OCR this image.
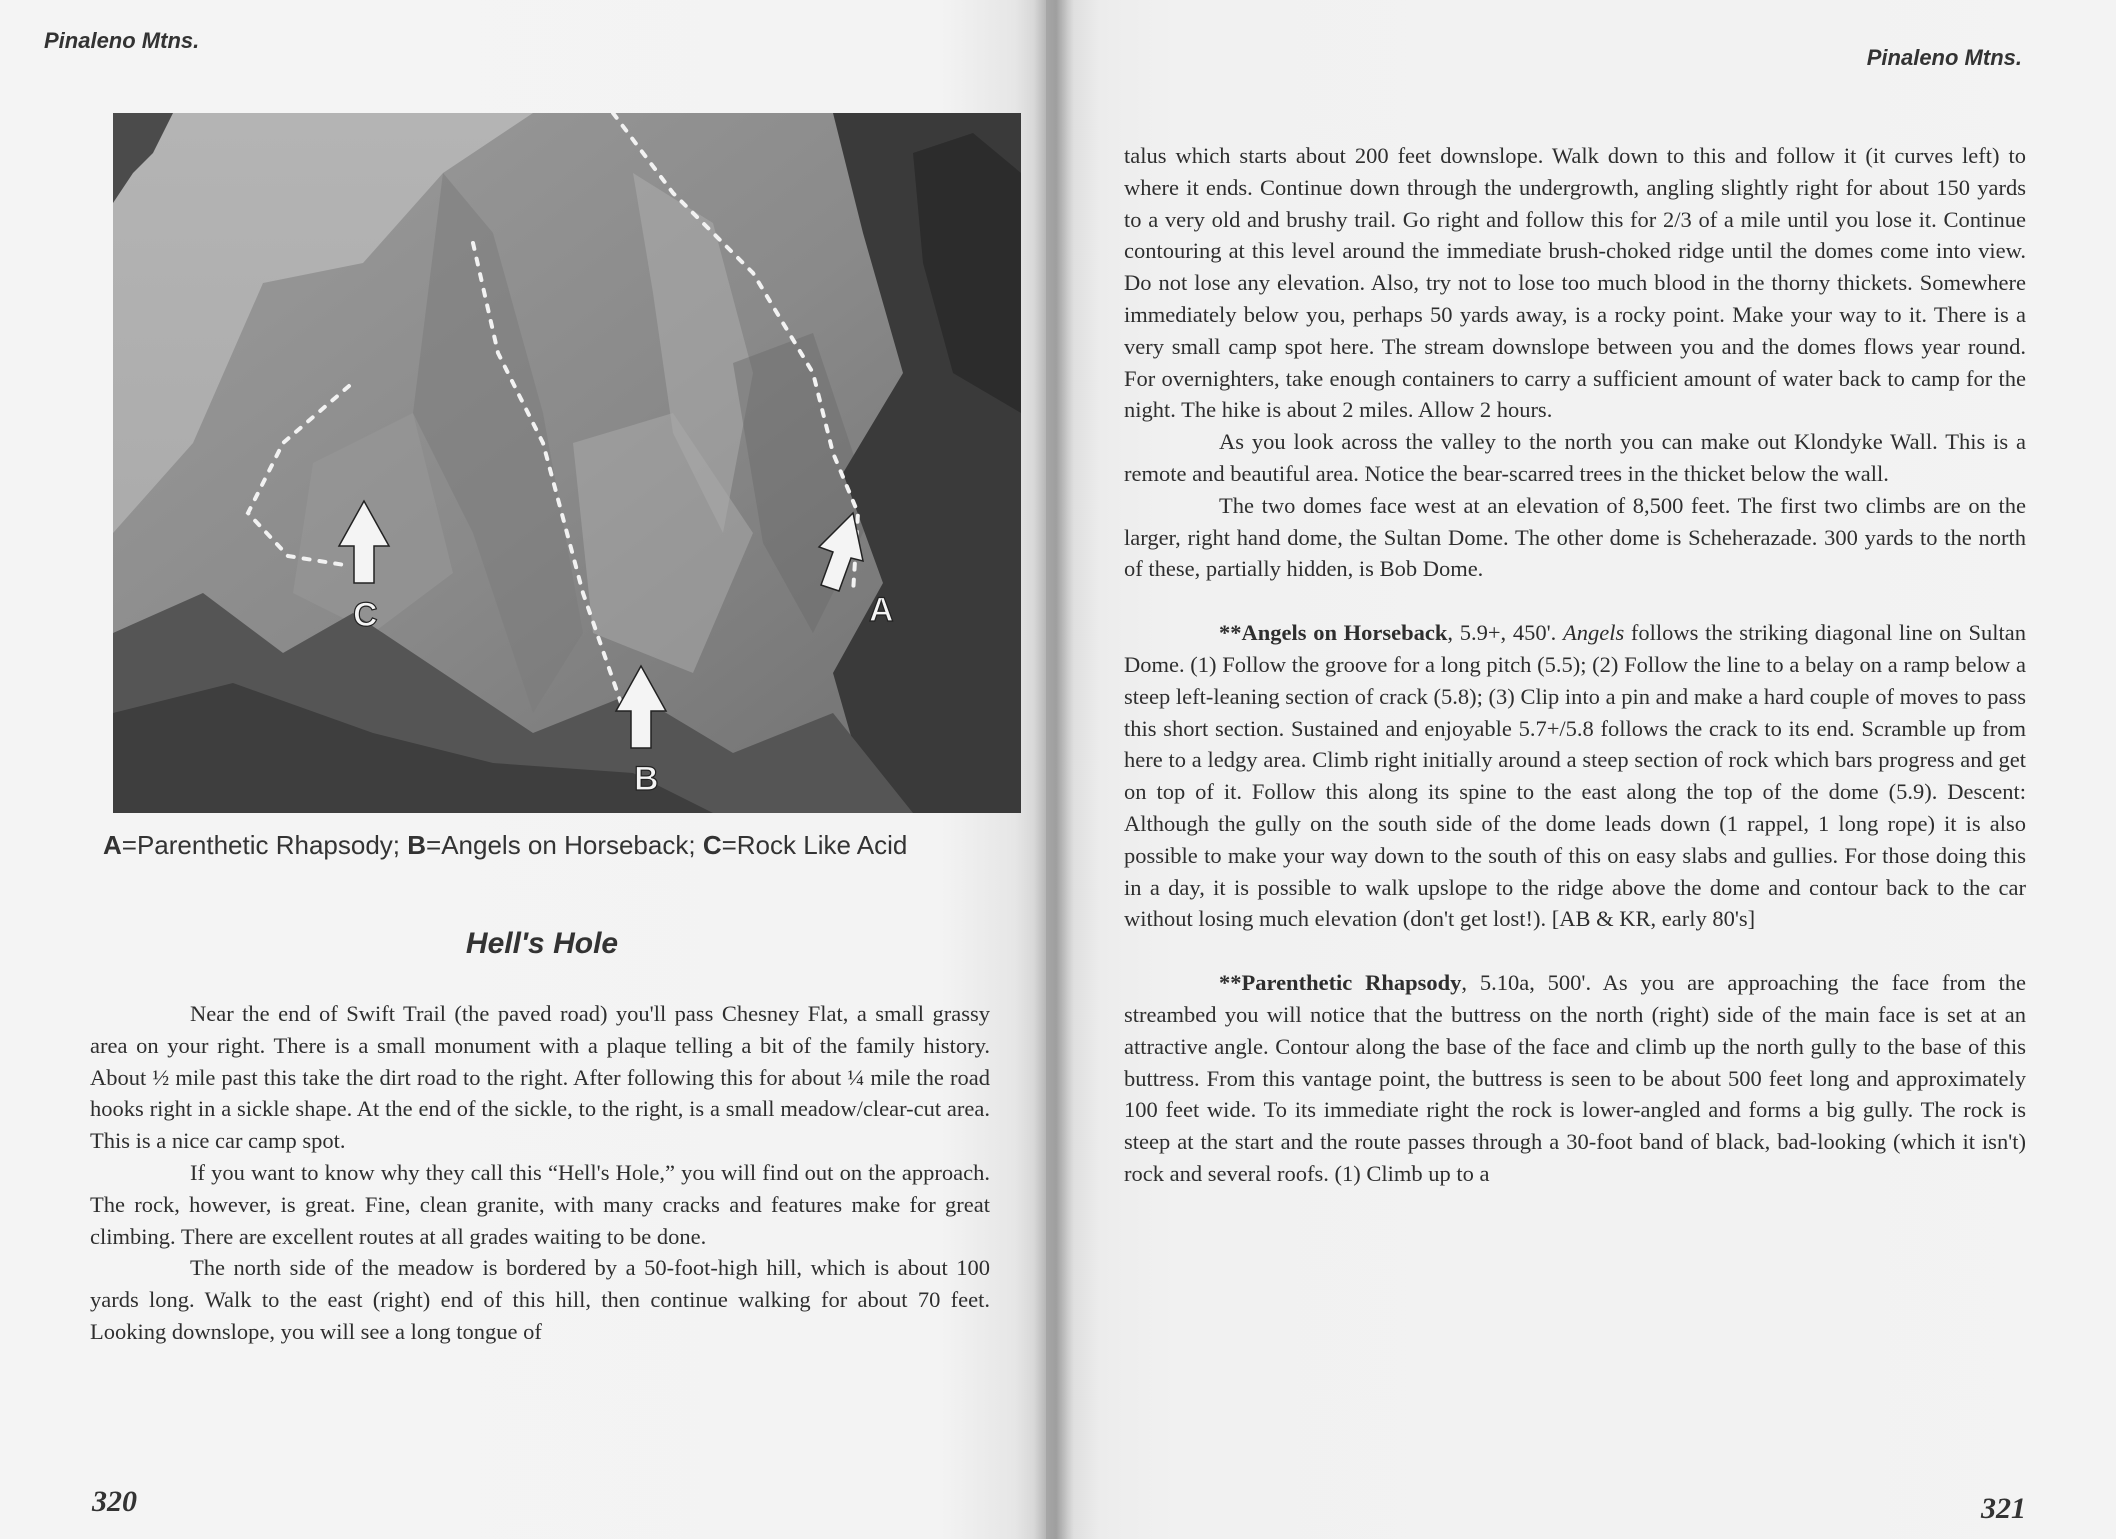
Pinaleno Mtns.
C
B
A
A=Parenthetic Rhapsody; B=Angels on Horseback; C=Rock Like Acid
Hell's Hole

Near the end of Swift Trail (the paved road) you'll pass Chesney Flat, a small grassy area on your right. There is a small monument with a plaque telling a bit of the family history. About ½ mile past this take the dirt road to the right. After following this for about ¼ mile the road hooks right in a sickle shape. At the end of the sickle, to the right, is a small meadow/clear-cut area. This is a nice car camp spot.

If you want to know why they call this “Hell's Hole,” you will find out on the approach. The rock, however, is great. Fine, clean granite, with many cracks and features make for great climbing. There are excellent routes at all grades waiting to be done.

The north side of the meadow is bordered by a 50-foot-high hill, which is about 100 yards long. Walk to the east (right) end of this hill, then continue walking for about 70 feet. Looking downslope, you will see a long tongue of

320
Pinaleno Mtns.

talus which starts about 200 feet downslope. Walk down to this and follow it (it curves left) to where it ends. Continue down through the undergrowth, angling slightly right for about 150 yards to a very old and brushy trail. Go right and follow this for 2/3 of a mile until you lose it. Continue contouring at this level around the immediate brush-choked ridge until the domes come into view. Do not lose any elevation. Also, try not to lose too much blood in the thorny thickets. Somewhere immediately below you, perhaps 50 yards away, is a rocky point. Make your way to it. There is a very small camp spot here. The stream downslope between you and the domes flows year round. For overnighters, take enough containers to carry a sufficient amount of water back to camp for the night. The hike is about 2 miles. Allow 2 hours.

As you look across the valley to the north you can make out Klondyke Wall. This is a remote and beautiful area. Notice the bear-scarred trees in the thicket below the wall.

The two domes face west at an elevation of 8,500 feet. The first two climbs are on the larger, right hand dome, the Sultan Dome. The other dome is Scheherazade. 300 yards to the north of these, partially hidden, is Bob Dome.

**Angels on Horseback, 5.9+, 450'. Angels follows the striking diagonal line on Sultan Dome. (1) Follow the groove for a long pitch (5.5); (2) Follow the line to a belay on a ramp below a steep left-leaning section of crack (5.8); (3) Clip into a pin and make a hard couple of moves to pass this short section. Sustained and enjoyable 5.7+/5.8 follows the crack to its end. Scramble up from here to a ledgy area. Climb right initially around a steep section of rock which bars progress and get on top of it. Follow this along its spine to the east along the top of the dome (5.9). Descent: Although the gully on the south side of the dome leads down (1 rappel, 1 long rope) it is also possible to make your way down to the south of this on easy slabs and gullies. For those doing this in a day, it is possible to walk upslope to the ridge above the dome and contour back to the car without losing much elevation (don't get lost!). [AB & KR, early 80's]

**Parenthetic Rhapsody, 5.10a, 500'. As you are approaching the face from the streambed you will notice that the buttress on the north (right) side of the main face is set at an attractive angle. Contour along the base of the face and climb up the north gully to the base of this buttress. From this vantage point, the buttress is seen to be about 500 feet long and approximately 100 feet wide. To its immediate right the rock is lower-angled and forms a big gully. The rock is steep at the start and the route passes through a 30-foot band of black, bad-looking (which it isn't) rock and several roofs. (1) Climb up to a

321
